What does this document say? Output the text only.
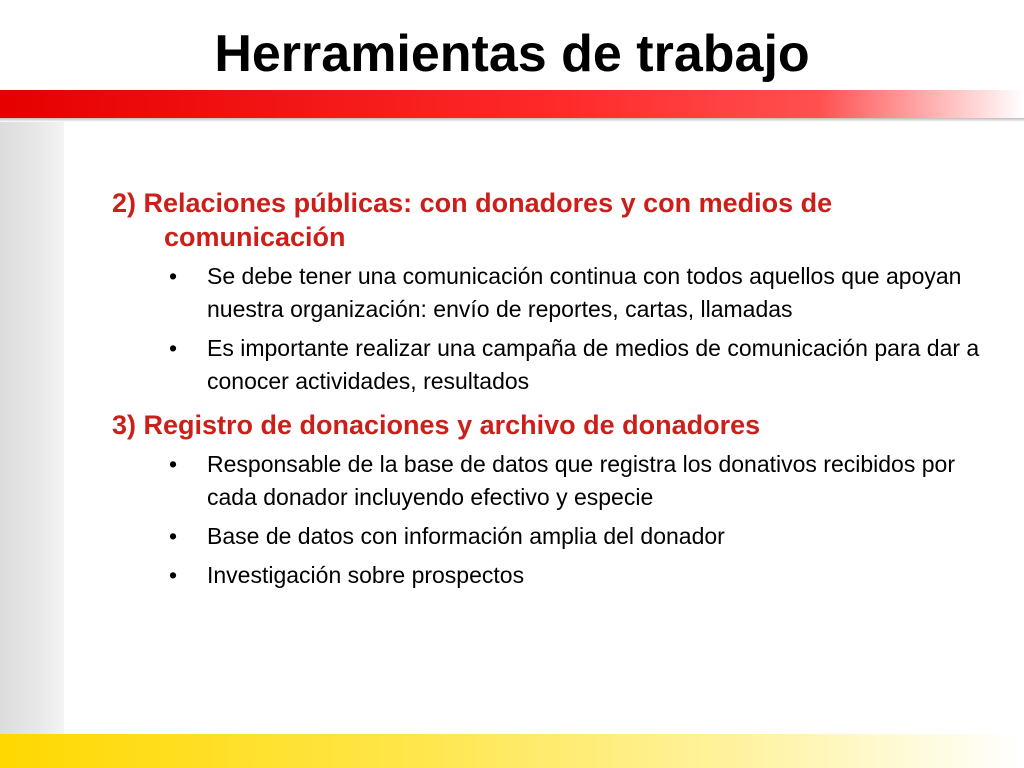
Herramientas de trabajo

2) Relaciones públicas: con donadores y con medios de comunicación

• Se debe tener una comunicación continua con todos aquellos que apoyan nuestra organización: envío de reportes, cartas, llamadas
• Es importante realizar una campaña de medios de comunicación para dar a conocer actividades, resultados

3) Registro de donaciones y archivo de donadores

• Responsable de la base de datos que registra los donativos recibidos por cada donador incluyendo efectivo y especie
• Base de datos con información amplia del donador
• Investigación sobre prospectos
